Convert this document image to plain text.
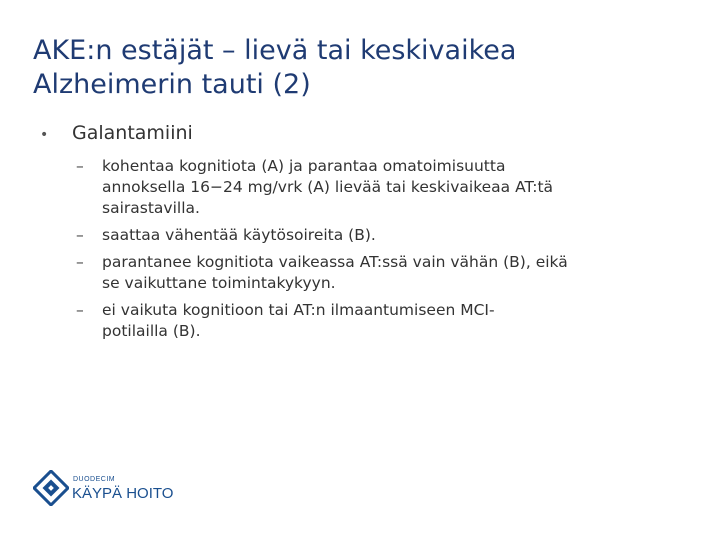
AKE:n estäjät – lievä tai keskivaikea
Alzheimerin tauti (2)
•	Galantamiini
– kohentaa kognitiota (A) ja parantaa omatoimisuutta
annoksella 16−24 mg/vrk (A) lievää tai keskivaikeaa AT:tä
sairastavilla.
– saattaa vähentää käytösoireita (B).
– parantanee kognitiota vaikeassa AT:ssä vain vähän (B), eikä
se vaikuttane toimintakykyyn.
– ei vaikuta kognitioon tai AT:n ilmaantumiseen MCI-
potilailla (B).
DUODECIM
KÄYPÄ HOITO
